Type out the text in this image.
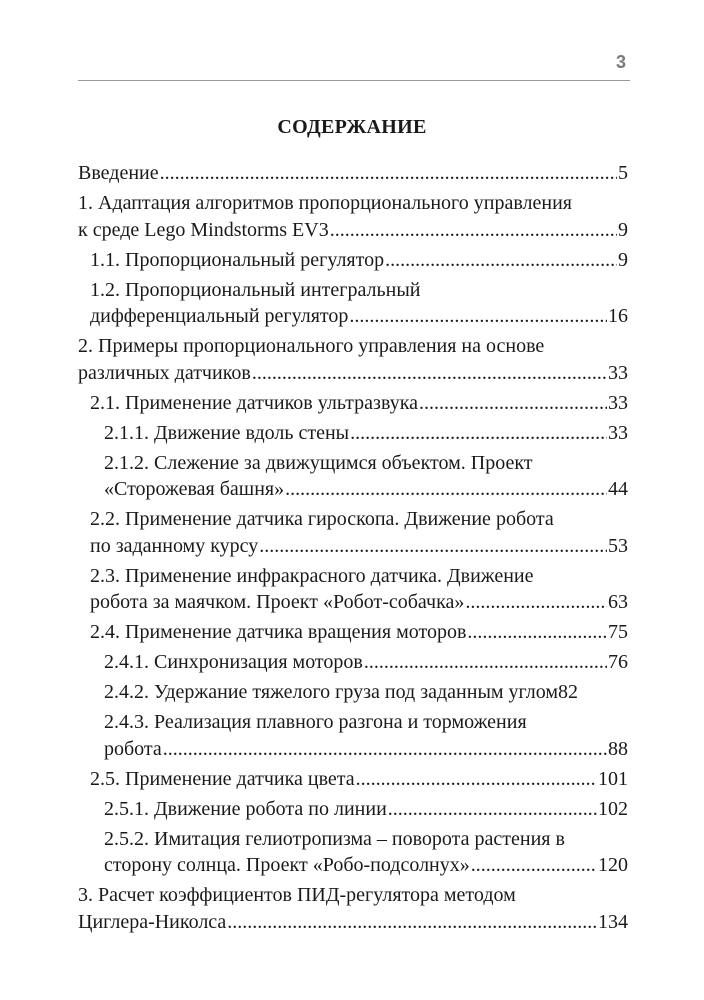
3
СОДЕРЖАНИЕ
Введение .....	5
1. Адаптация алгоритмов пропорционального управления
к среде Lego Mindstorms EV3 .....	9
1.1. Пропорциональный регулятор .....	9
1.2. Пропорциональный интегральный
дифференциальный регулятор .....	16
2. Примеры пропорционального управления на основе
различных датчиков .....	33
2.1. Применение датчиков ультразвука .....	33
2.1.1. Движение вдоль стены .....	33
2.1.2. Слежение за движущимся объектом. Проект
«Сторожевая башня» .....	44
2.2. Применение датчика гироскопа. Движение робота
по заданному курсу .....	53
2.3. Применение инфракрасного датчика. Движение
робота за маячком. Проект «Робот-собачка» .....	63
2.4. Применение датчика вращения моторов .....	75
2.4.1. Синхронизация моторов .....	76
2.4.2. Удержание тяжелого груза под заданным углом 82
2.4.3. Реализация плавного разгона и торможения
робота .....	88
2.5. Применение датчика цвета .....	101
2.5.1. Движение робота по линии .....	102
2.5.2. Имитация гелиотропизма – поворота растения в
сторону солнца. Проект «Робо-подсолнух» .....	120
3. Расчет коэффициентов ПИД-регулятора методом
Циглера-Николса .....	134
